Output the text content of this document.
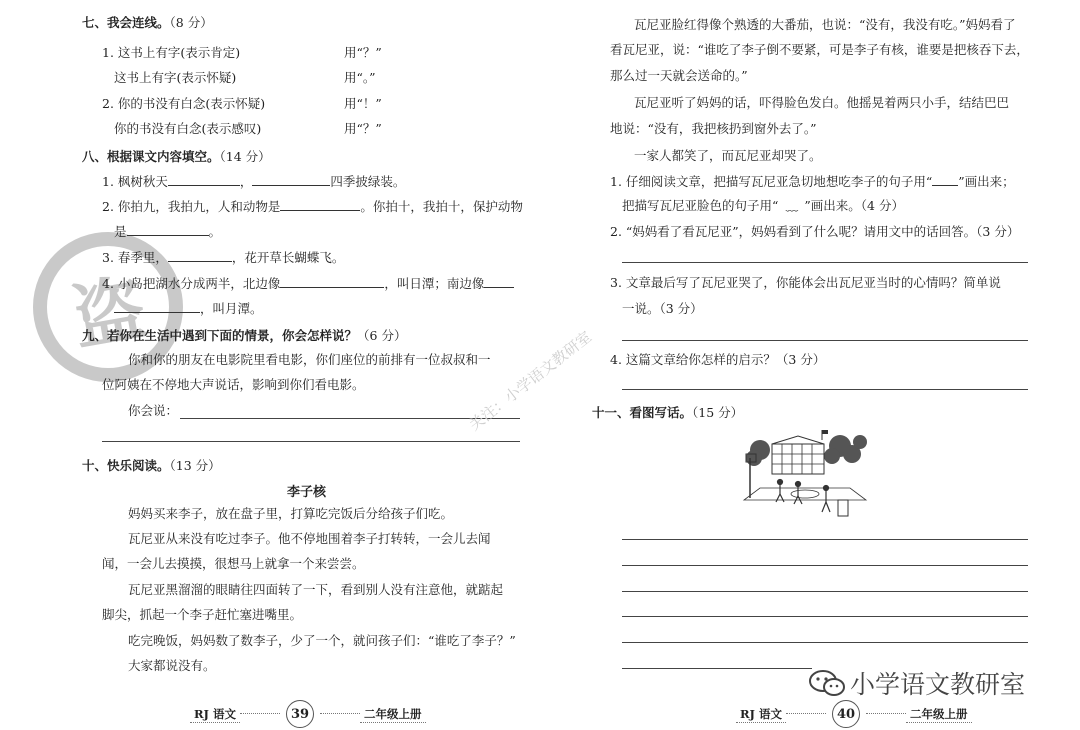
盗
七、我会连线。（8 分）
1. 这书上有字(表示肯定)	用“？”
这书上有字(表示怀疑)	用“。”
2. 你的书没有白念(表示怀疑)	用“！”
你的书没有白念(表示感叹)	用“？”
八、根据课文内容填空。（14 分）
1. 枫树秋天	，	四季披绿装。
2. 你拍九，我拍九，人和动物是	。你拍十，我拍十，保护动物
是	。
3. 春季里，	，花开草长蝴蝶飞。
4. 小岛把湖水分成两半，北边像	，叫日潭；南边像
，叫月潭。
九、若你在生活中遇到下面的情景，你会怎样说？（6 分）
你和你的朋友在电影院里看电影，你们座位的前排有一位叔叔和一
位阿姨在不停地大声说话，影响到你们看电影。
你会说：
十、快乐阅读。（13 分）
李子核
妈妈买来李子，放在盘子里，打算吃完饭后分给孩子们吃。
瓦尼亚从来没有吃过李子。他不停地围着李子打转转，一会儿去闻
闻，一会儿去摸摸，很想马上就拿一个来尝尝。
瓦尼亚黑溜溜的眼睛往四面转了一下，看到别人没有注意他，就踮起
脚尖，抓起一个李子赶忙塞进嘴里。
吃完晚饭，妈妈数了数李子，少了一个，就问孩子们：“谁吃了李子？”
大家都说没有。
关注：小学语文教研室
RJ 语文	39	二年级上册
瓦尼亚脸红得像个熟透的大番茄，也说：“没有，我没有吃。”妈妈看了
看瓦尼亚，说：“谁吃了李子倒不要紧，可是李子有核，谁要是把核吞下去，
那么过一天就会送命的。”
瓦尼亚听了妈妈的话，吓得脸色发白。他摇晃着两只小手，结结巴巴
地说：“没有，我把核扔到窗外去了。”
一家人都笑了，而瓦尼亚却哭了。
1. 仔细阅读文章，把描写瓦尼亚急切地想吃李子的句子用“ ”画出来；
把描写瓦尼亚脸色的句子用“ ﹏ ”画出来。（4 分）
2. “妈妈看了看瓦尼亚”，妈妈看到了什么呢？请用文中的话回答。（3 分）
3. 文章最后写了瓦尼亚哭了，你能体会出瓦尼亚当时的心情吗？简单说
一说。（3 分）
4. 这篇文章给你怎样的启示？（3 分）
十一、看图写话。（15 分）
小学语文教研室
RJ 语文	40	二年级上册
